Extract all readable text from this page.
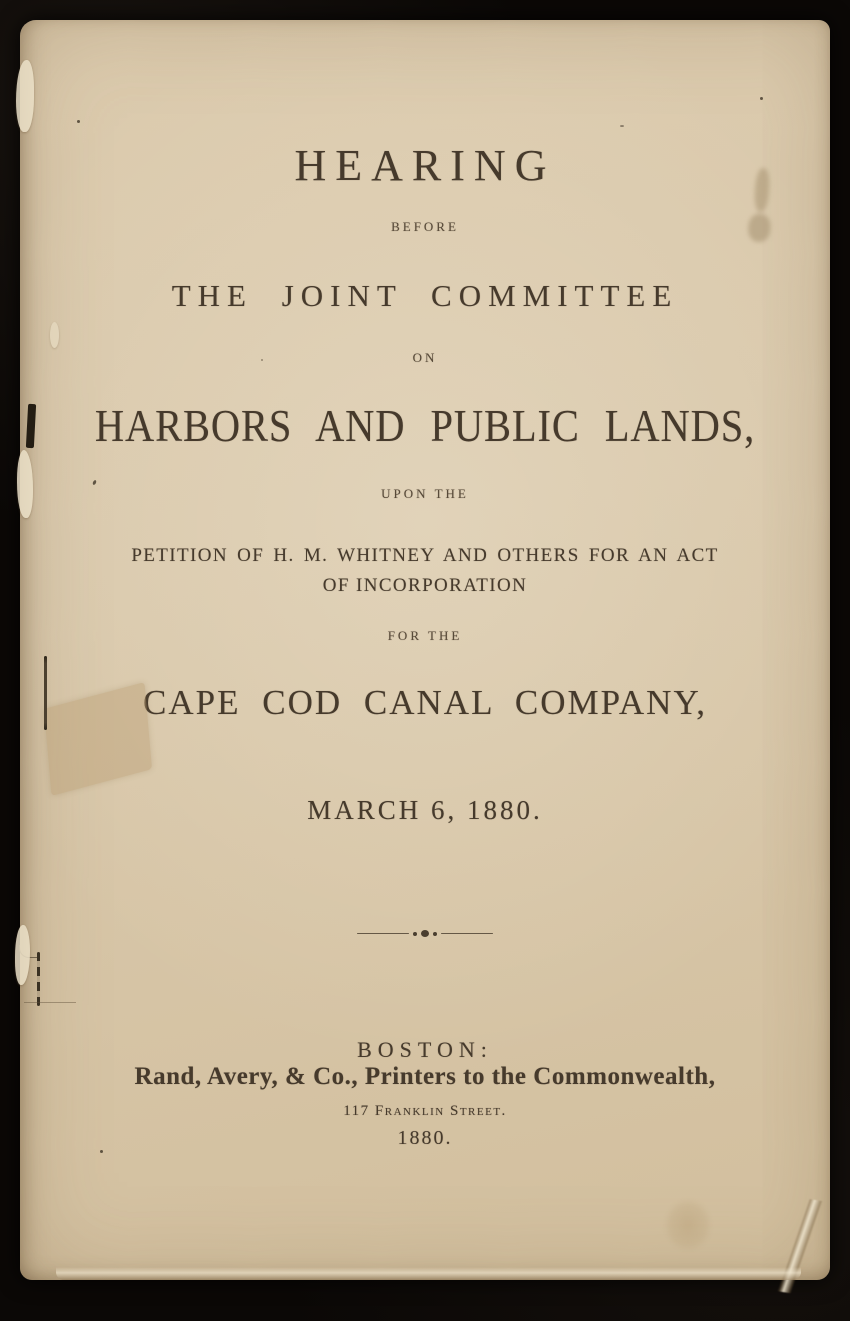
HEARING
BEFORE
THE JOINT COMMITTEE
ON
HARBORS AND PUBLIC LANDS,
UPON THE
PETITION OF H. M. WHITNEY AND OTHERS FOR AN ACT
OF INCORPORATION
FOR THE
CAPE COD CANAL COMPANY,
MARCH 6, 1880.
BOSTON:
Rand, Avery, & Co., Printers to the Commonwealth,
117 Franklin Street.
1880.
